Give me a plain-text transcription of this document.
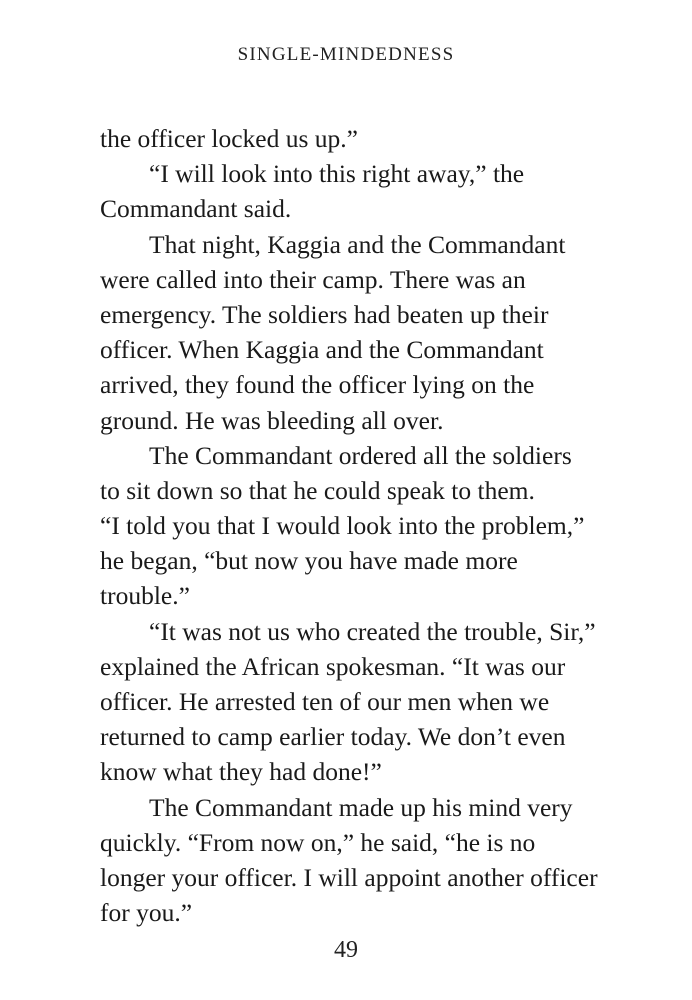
SINGLE-MINDEDNESS
the officer locked us up.”
“I will look into this right away,” the
Commandant said.
That night, Kaggia and the Commandant
were called into their camp. There was an
emergency. The soldiers had beaten up their
officer. When Kaggia and the Commandant
arrived, they found the officer lying on the
ground. He was bleeding all over.
The Commandant ordered all the soldiers
to sit down so that he could speak to them.
“I told you that I would look into the problem,”
he began, “but now you have made more
trouble.”
“It was not us who created the trouble, Sir,”
explained the African spokesman. “It was our
officer. He arrested ten of our men when we
returned to camp earlier today. We don’t even
know what they had done!”
The Commandant made up his mind very
quickly. “From now on,” he said, “he is no
longer your officer. I will appoint another officer
for you.”
49
